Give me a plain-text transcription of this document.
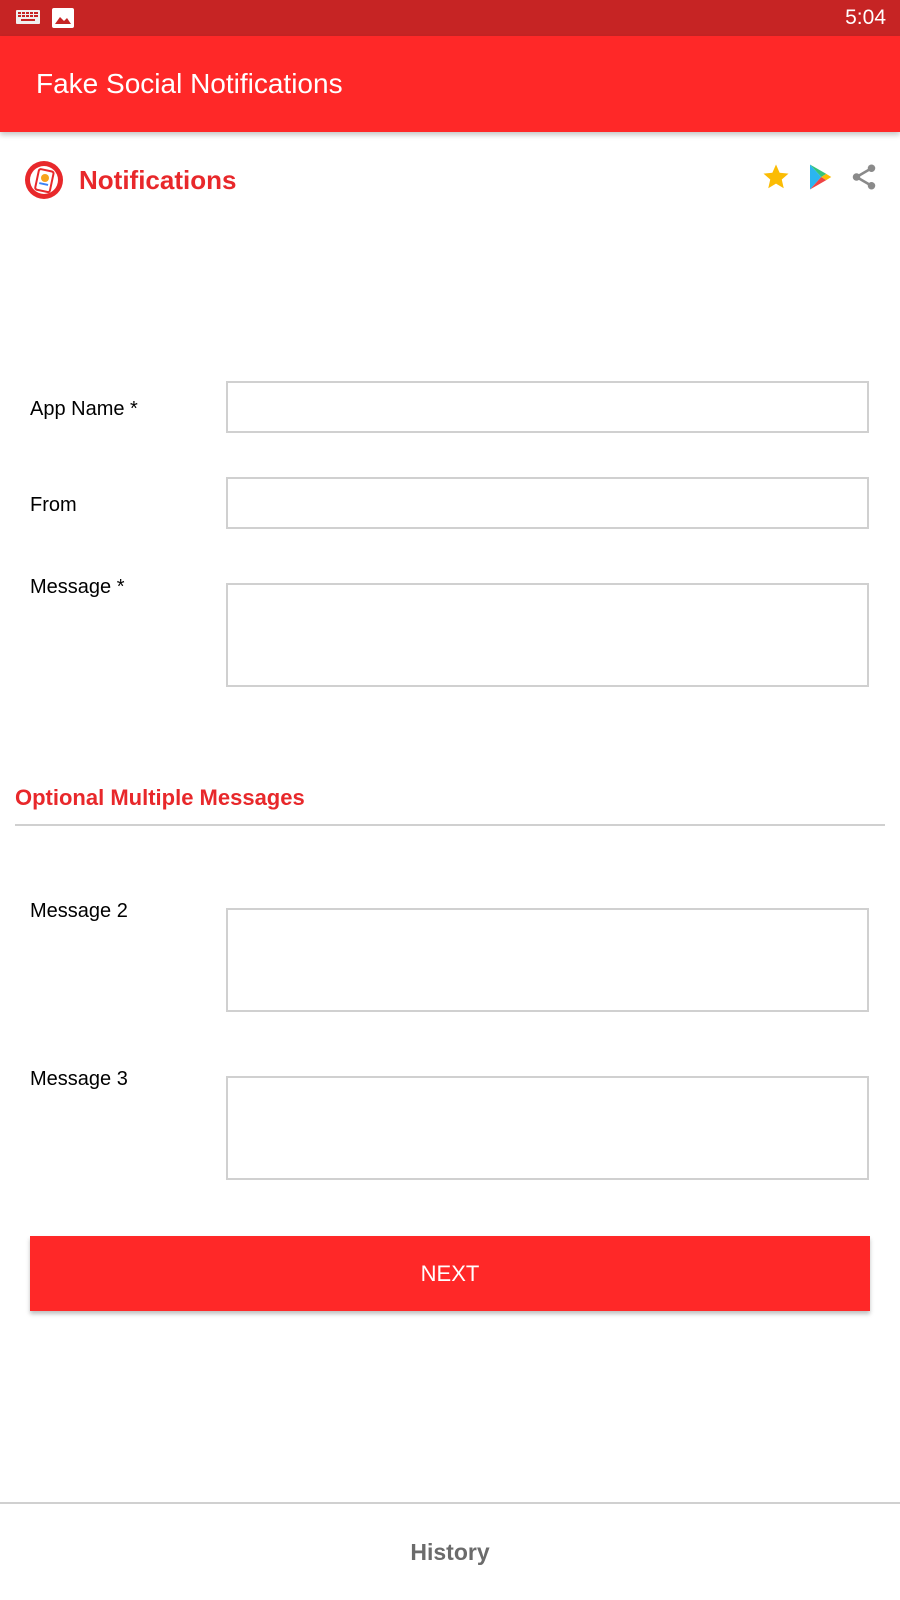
5:04
Fake Social Notifications
Notifications
App Name *
From
Message *
Optional Multiple Messages
Message 2
Message 3
NEXT
History
